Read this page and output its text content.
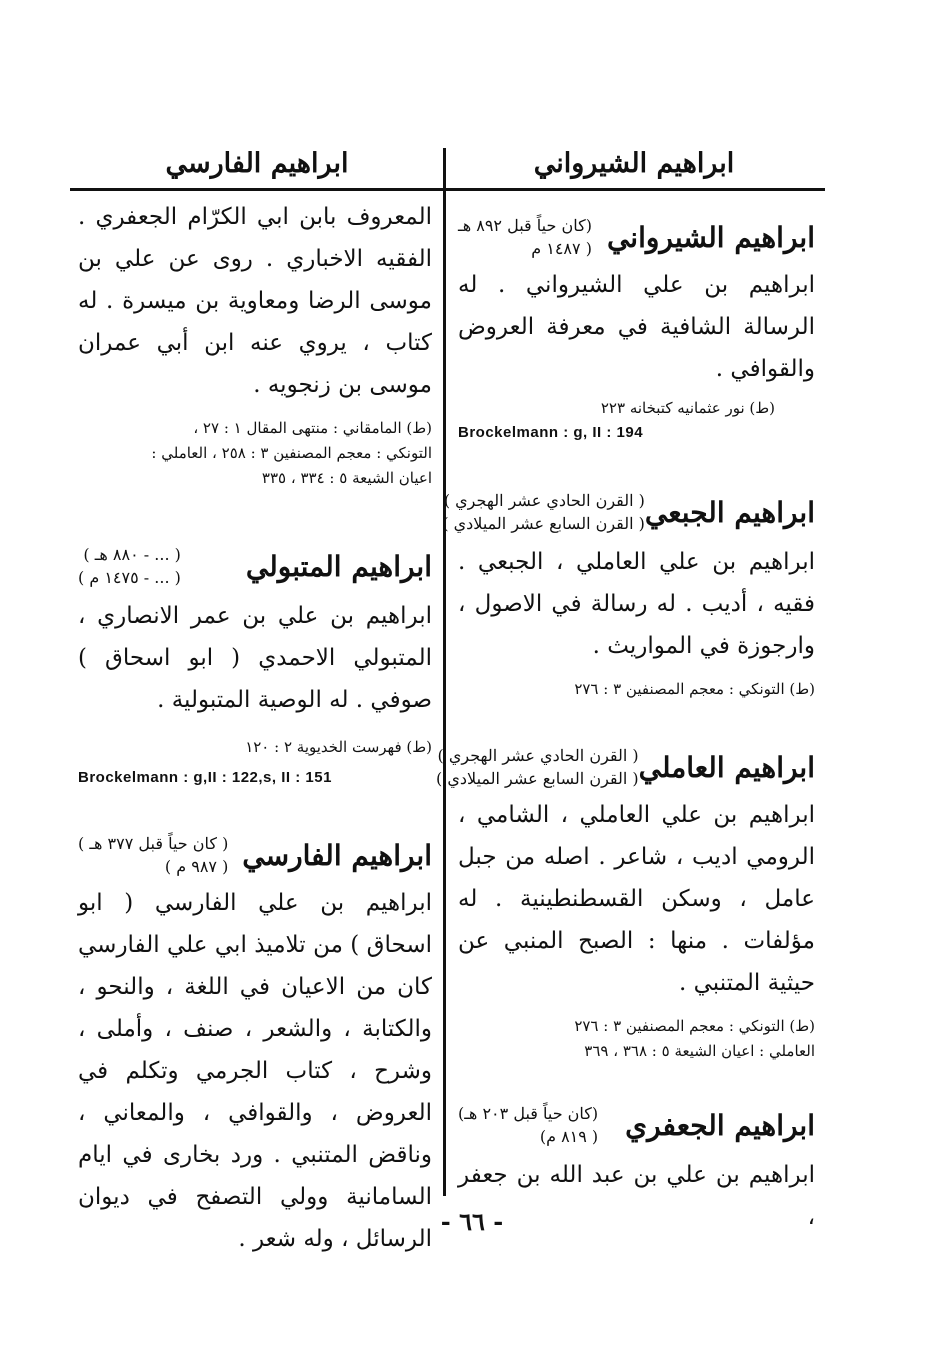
ابراهيم الشيرواني
ابراهيم الفارسي
ابراهيم الشيرواني
(كان حياً قبل ٨٩٢ هـ
( ١٤٨٧ م
ابراهيم بن علي الشيرواني . له الرسالة الشافية في معرفة العروض والقوافي .
(ط) نور عثمانيه كتبخانه ٢٢٣
Brockelmann : g, II : 194
ابراهيم الجبعي
( القرن الحادي عشر الهجري )
( القرن السابع عشر الميلادي )
ابراهيم بن علي العاملي ، الجبعي . فقيه ، أديب . له رسالة في الاصول ، وارجوزة في المواريث .
(ط) التونكي : معجم المصنفين ٣ : ٢٧٦
ابراهيم العاملي
( القرن الحادي عشر الهجري )
( القرن السابع عشر الميلادي )
ابراهيم بن علي العاملي ، الشامي ، الرومي اديب ، شاعر . اصله من جبل عامل ، وسكن القسطنطينية . له مؤلفات . منها : الصبح المنبي عن حيثية المتنبي .
(ط) التونكي : معجم المصنفين ٣ : ٢٧٦
العاملي : اعيان الشيعة ٥ : ٣٦٨ ، ٣٦٩
ابراهيم الجعفري
(كان حياً قبل ٢٠٣ هـ)
( ٨١٩ م)
ابراهيم بن علي بن عبد الله بن جعفر ،
المعروف بابن ابي الكرّام الجعفري . الفقيه الاخباري . روى عن علي بن موسى الرضا ومعاوية بن ميسرة . له كتاب ، يروي عنه ابن أبي عمران موسى بن زنجويه .
(ط) المامقاني : منتهى المقال ١ : ٢٧ ،
التونكي : معجم المصنفين ٣ : ٢٥٨ ، العاملي :
اعيان الشيعة ٥ : ٣٣٤ ، ٣٣٥
ابراهيم المتبولي
( ... - ٨٨٠ هـ )
( ... - ١٤٧٥ م )
ابراهيم بن علي بن عمر الانصاري ، المتبولي الاحمدي ( ابو اسحاق ) صوفي . له الوصية المتبولية .
(ط) فهرست الخديوية ٢ : ١٢٠
Brockelmann : g,II : 122,s, II : 151
ابراهيم الفارسي
( كان حياً قبل ٣٧٧ هـ )
( ٩٨٧ م )
ابراهيم بن علي الفارسي ( ابو اسحاق ) من تلاميذ ابي علي الفارسي كان من الاعيان في اللغة ، والنحو ، والكتابة ، والشعر ، صنف ، وأملى ، وشرح ، كتاب الجرمي وتكلم في العروض ، والقوافي ، والمعاني ، وناقض المتنبي . ورد بخارى في ايام السامانية وولي التصفح في ديوان الرسائل ، وله شعر .
- ٦٦ -
